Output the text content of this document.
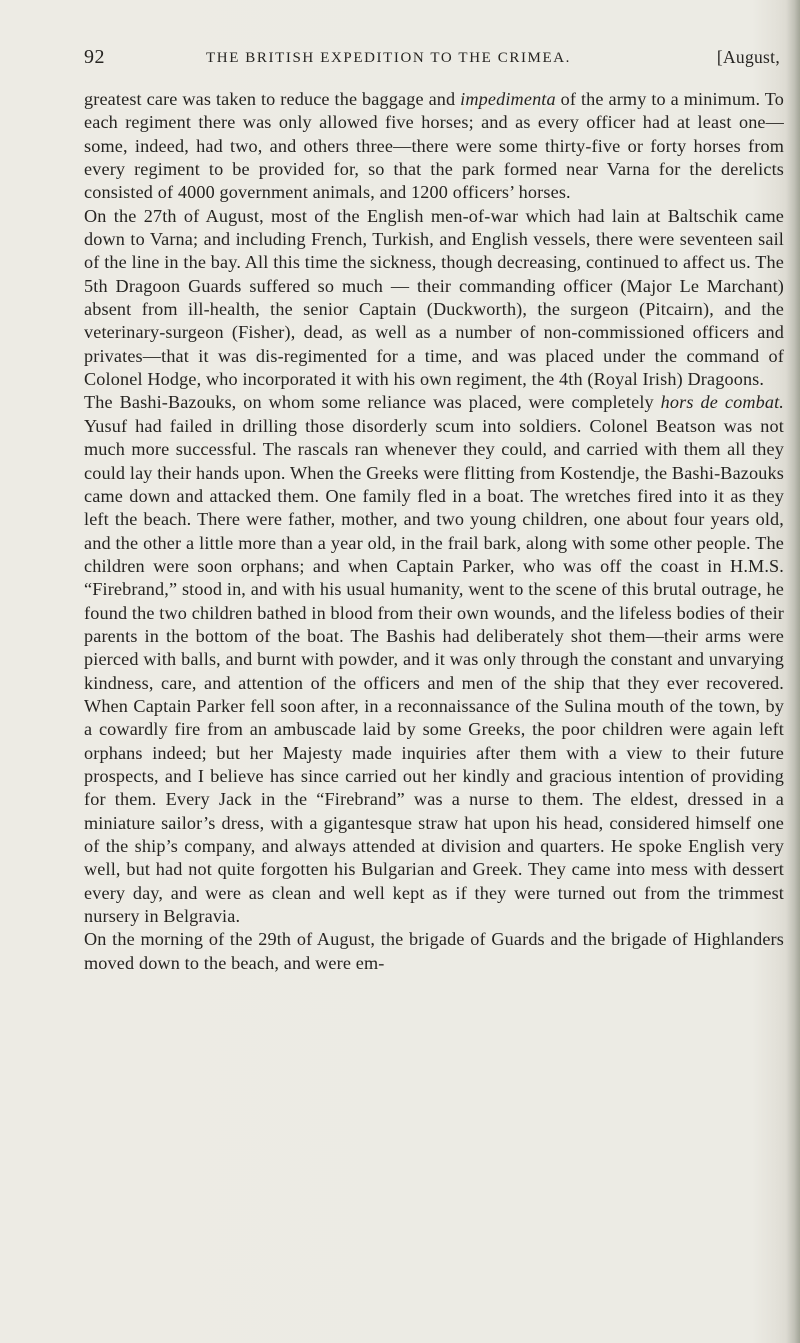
92	THE BRITISH EXPEDITION TO THE CRIMEA.	[August,

greatest care was taken to reduce the baggage and impedimenta of the army to a minimum. To each regiment there was only allowed five horses; and as every officer had at least one—some, indeed, had two, and others three—there were some thirty-five or forty horses from every regiment to be provided for, so that the park formed near Varna for the derelicts consisted of 4000 government animals, and 1200 officers’ horses.

On the 27th of August, most of the English men-of-war which had lain at Baltschik came down to Varna; and including French, Turkish, and English vessels, there were seventeen sail of the line in the bay. All this time the sickness, though decreasing, continued to affect us. The 5th Dragoon Guards suffered so much — their commanding officer (Major Le Marchant) absent from ill-health, the senior Captain (Duckworth), the surgeon (Pitcairn), and the veterinary-surgeon (Fisher), dead, as well as a number of non-commissioned officers and privates—that it was dis-regimented for a time, and was placed under the command of Colonel Hodge, who incorporated it with his own regiment, the 4th (Royal Irish) Dragoons.

The Bashi-Bazouks, on whom some reliance was placed, were completely hors de combat. Yusuf had failed in drilling those disorderly scum into soldiers. Colonel Beatson was not much more successful. The rascals ran whenever they could, and carried with them all they could lay their hands upon. When the Greeks were flitting from Kostendje, the Bashi-Bazouks came down and attacked them. One family fled in a boat. The wretches fired into it as they left the beach. There were father, mother, and two young children, one about four years old, and the other a little more than a year old, in the frail bark, along with some other people. The children were soon orphans; and when Captain Parker, who was off the coast in H.M.S. “Firebrand,” stood in, and with his usual humanity, went to the scene of this brutal outrage, he found the two children bathed in blood from their own wounds, and the lifeless bodies of their parents in the bottom of the boat. The Bashis had deliberately shot them—their arms were pierced with balls, and burnt with powder, and it was only through the constant and unvarying kindness, care, and attention of the officers and men of the ship that they ever recovered. When Captain Parker fell soon after, in a reconnaissance of the Sulina mouth of the town, by a cowardly fire from an ambuscade laid by some Greeks, the poor children were again left orphans indeed; but her Majesty made inquiries after them with a view to their future prospects, and I believe has since carried out her kindly and gracious intention of providing for them. Every Jack in the “Firebrand” was a nurse to them. The eldest, dressed in a miniature sailor’s dress, with a gigantesque straw hat upon his head, considered himself one of the ship’s company, and always attended at division and quarters. He spoke English very well, but had not quite forgotten his Bulgarian and Greek. They came into mess with dessert every day, and were as clean and well kept as if they were turned out from the trimmest nursery in Belgravia.

On the morning of the 29th of August, the brigade of Guards and the brigade of Highlanders moved down to the beach, and were em-
